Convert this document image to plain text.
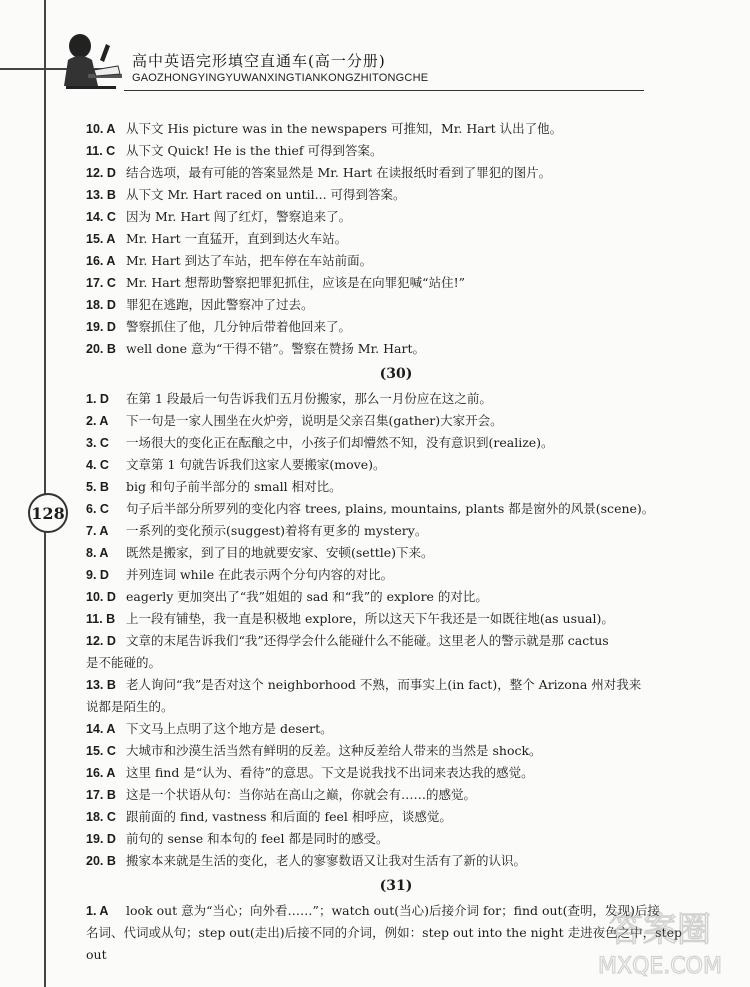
高中英语完形填空直通车(高一分册)
GAOZHONGYINGYUWANXINGTIANKONGZHITONGCHE
128
10. A 从下文 His picture was in the newspapers 可推知，Mr. Hart 认出了他。
11. C 从下文 Quick! He is the thief 可得到答案。
12. D 结合选项，最有可能的答案显然是 Mr. Hart 在读报纸时看到了罪犯的图片。
13. B 从下文 Mr. Hart raced on until... 可得到答案。
14. C 因为 Mr. Hart 闯了红灯，警察追来了。
15. A Mr. Hart 一直猛开，直到到达火车站。
16. A Mr. Hart 到达了车站，把车停在车站前面。
17. C Mr. Hart 想帮助警察把罪犯抓住，应该是在向罪犯喊“站住!”
18. D 罪犯在逃跑，因此警察冲了过去。
19. D 警察抓住了他，几分钟后带着他回来了。
20. B well done 意为“干得不错”。警察在赞扬 Mr. Hart。
(30)
1. D	在第 1 段最后一句告诉我们五月份搬家，那么一月份应在这之前。
2. A	下一句是一家人围坐在火炉旁，说明是父亲召集(gather)大家开会。
3. C	一场很大的变化正在酝酿之中，小孩子们却懵然不知，没有意识到(realize)。
4. C	文章第 1 句就告诉我们这家人要搬家(move)。
5. B	big 和句子前半部分的 small 相对比。
6. C	句子后半部分所罗列的变化内容 trees, plains, mountains, plants 都是窗外的风景(scene)。
7. A	一系列的变化预示(suggest)着将有更多的 mystery。
8. A	既然是搬家，到了目的地就要安家、安顿(settle)下来。
9. D	并列连词 while 在此表示两个分句内容的对比。
10. D eagerly 更加突出了“我”姐姐的 sad 和“我”的 explore 的对比。
11. B 上一段有铺垫，我一直是积极地 explore，所以这天下午我还是一如既往地(as usual)。
12. D 文章的末尾告诉我们“我”还得学会什么能碰什么不能碰。这里老人的警示就是那 cactus
是不能碰的。
13. B 老人询问“我”是否对这个 neighborhood 不熟，而事实上(in fact)，整个 Arizona 州对我来
说都是陌生的。
14. A 下文马上点明了这个地方是 desert。
15. C 大城市和沙漠生活当然有鲜明的反差。这种反差给人带来的当然是 shock。
16. A 这里 find 是“认为、看待”的意思。下文是说我找不出词来表达我的感觉。
17. B 这是一个状语从句：当你站在高山之巅，你就会有……的感觉。
18. C 跟前面的 find, vastness 和后面的 feel 相呼应，谈感觉。
19. D 前句的 sense 和本句的 feel 都是同时的感受。
20. B 搬家本来就是生活的变化，老人的寥寥数语又让我对生活有了新的认识。
(31)
1. A	look out 意为“当心；向外看……”；watch out(当心)后接介词 for；find out(查明，发现)后接
名词、代词或从句；step out(走出)后接不同的介词，例如：step out into the night 走进夜色之中，step out
答案圈
MXQE.COM
